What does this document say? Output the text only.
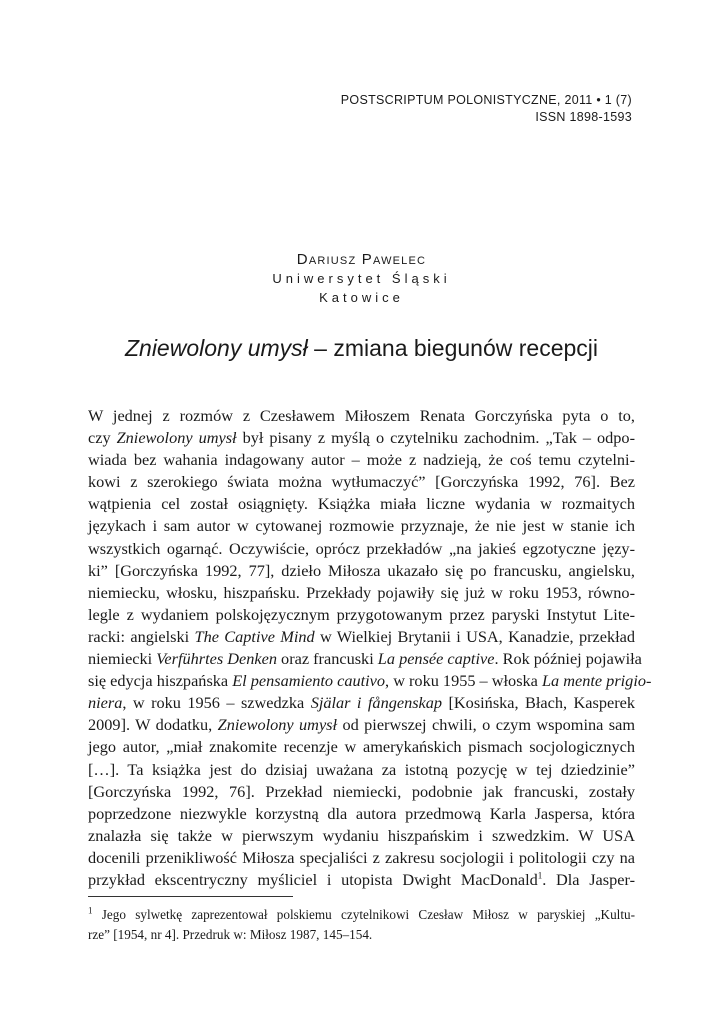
POSTSCRIPTUM POLONISTYCZNE, 2011 • 1 (7)
ISSN 1898-1593
Dariusz Pawelec
Uniwersytet Śląski
Katowice
Zniewolony umysł – zmiana biegunów recepcji
W jednej z rozmów z Czesławem Miłoszem Renata Gorczyńska pyta o to,
czy Zniewolony umysł był pisany z myślą o czytelniku zachodnim. „Tak – odpo-
wiada bez wahania indagowany autor – może z nadzieją, że coś temu czytelni-
kowi z szerokiego świata można wytłumaczyć” [Gorczyńska 1992, 76]. Bez
wątpienia cel został osiągnięty. Książka miała liczne wydania w rozmaitych
językach i sam autor w cytowanej rozmowie przyznaje, że nie jest w stanie ich
wszystkich ogarnąć. Oczywiście, oprócz przekładów „na jakieś egzotyczne języ-
ki” [Gorczyńska 1992, 77], dzieło Miłosza ukazało się po francusku, angielsku,
niemiecku, włosku, hiszpańsku. Przekłady pojawiły się już w roku 1953, równo-
legle z wydaniem polskojęzycznym przygotowanym przez paryski Instytut Lite-
racki: angielski The Captive Mind w Wielkiej Brytanii i USA, Kanadzie, przekład
niemiecki Verführtes Denken oraz francuski La pensée captive. Rok później pojawiła
się edycja hiszpańska El pensamiento cautivo, w roku 1955 – włoska La mente prigio-
niera, w roku 1956 – szwedzka Själar i fångenskap [Kosińska, Błach, Kasperek
2009]. W dodatku, Zniewolony umysł od pierwszej chwili, o czym wspomina sam
jego autor, „miał znakomite recenzje w amerykańskich pismach socjologicznych
[…]. Ta książka jest do dzisiaj uważana za istotną pozycję w tej dziedzinie”
[Gorczyńska 1992, 76]. Przekład niemiecki, podobnie jak francuski, zostały
poprzedzone niezwykle korzystną dla autora przedmową Karla Jaspersa, która
znalazła się także w pierwszym wydaniu hiszpańskim i szwedzkim. W USA
docenili przenikliwość Miłosza specjaliści z zakresu socjologii i politologii czy na
przykład ekscentryczny myśliciel i utopista Dwight MacDonald$^1$. Dla Jasper-
$^1$ Jego sylwetkę zaprezentował polskiemu czytelnikowi Czesław Miłosz w paryskiej „Kultu-
rze” [1954, nr 4]. Przedruk w: Miłosz 1987, 145–154.
